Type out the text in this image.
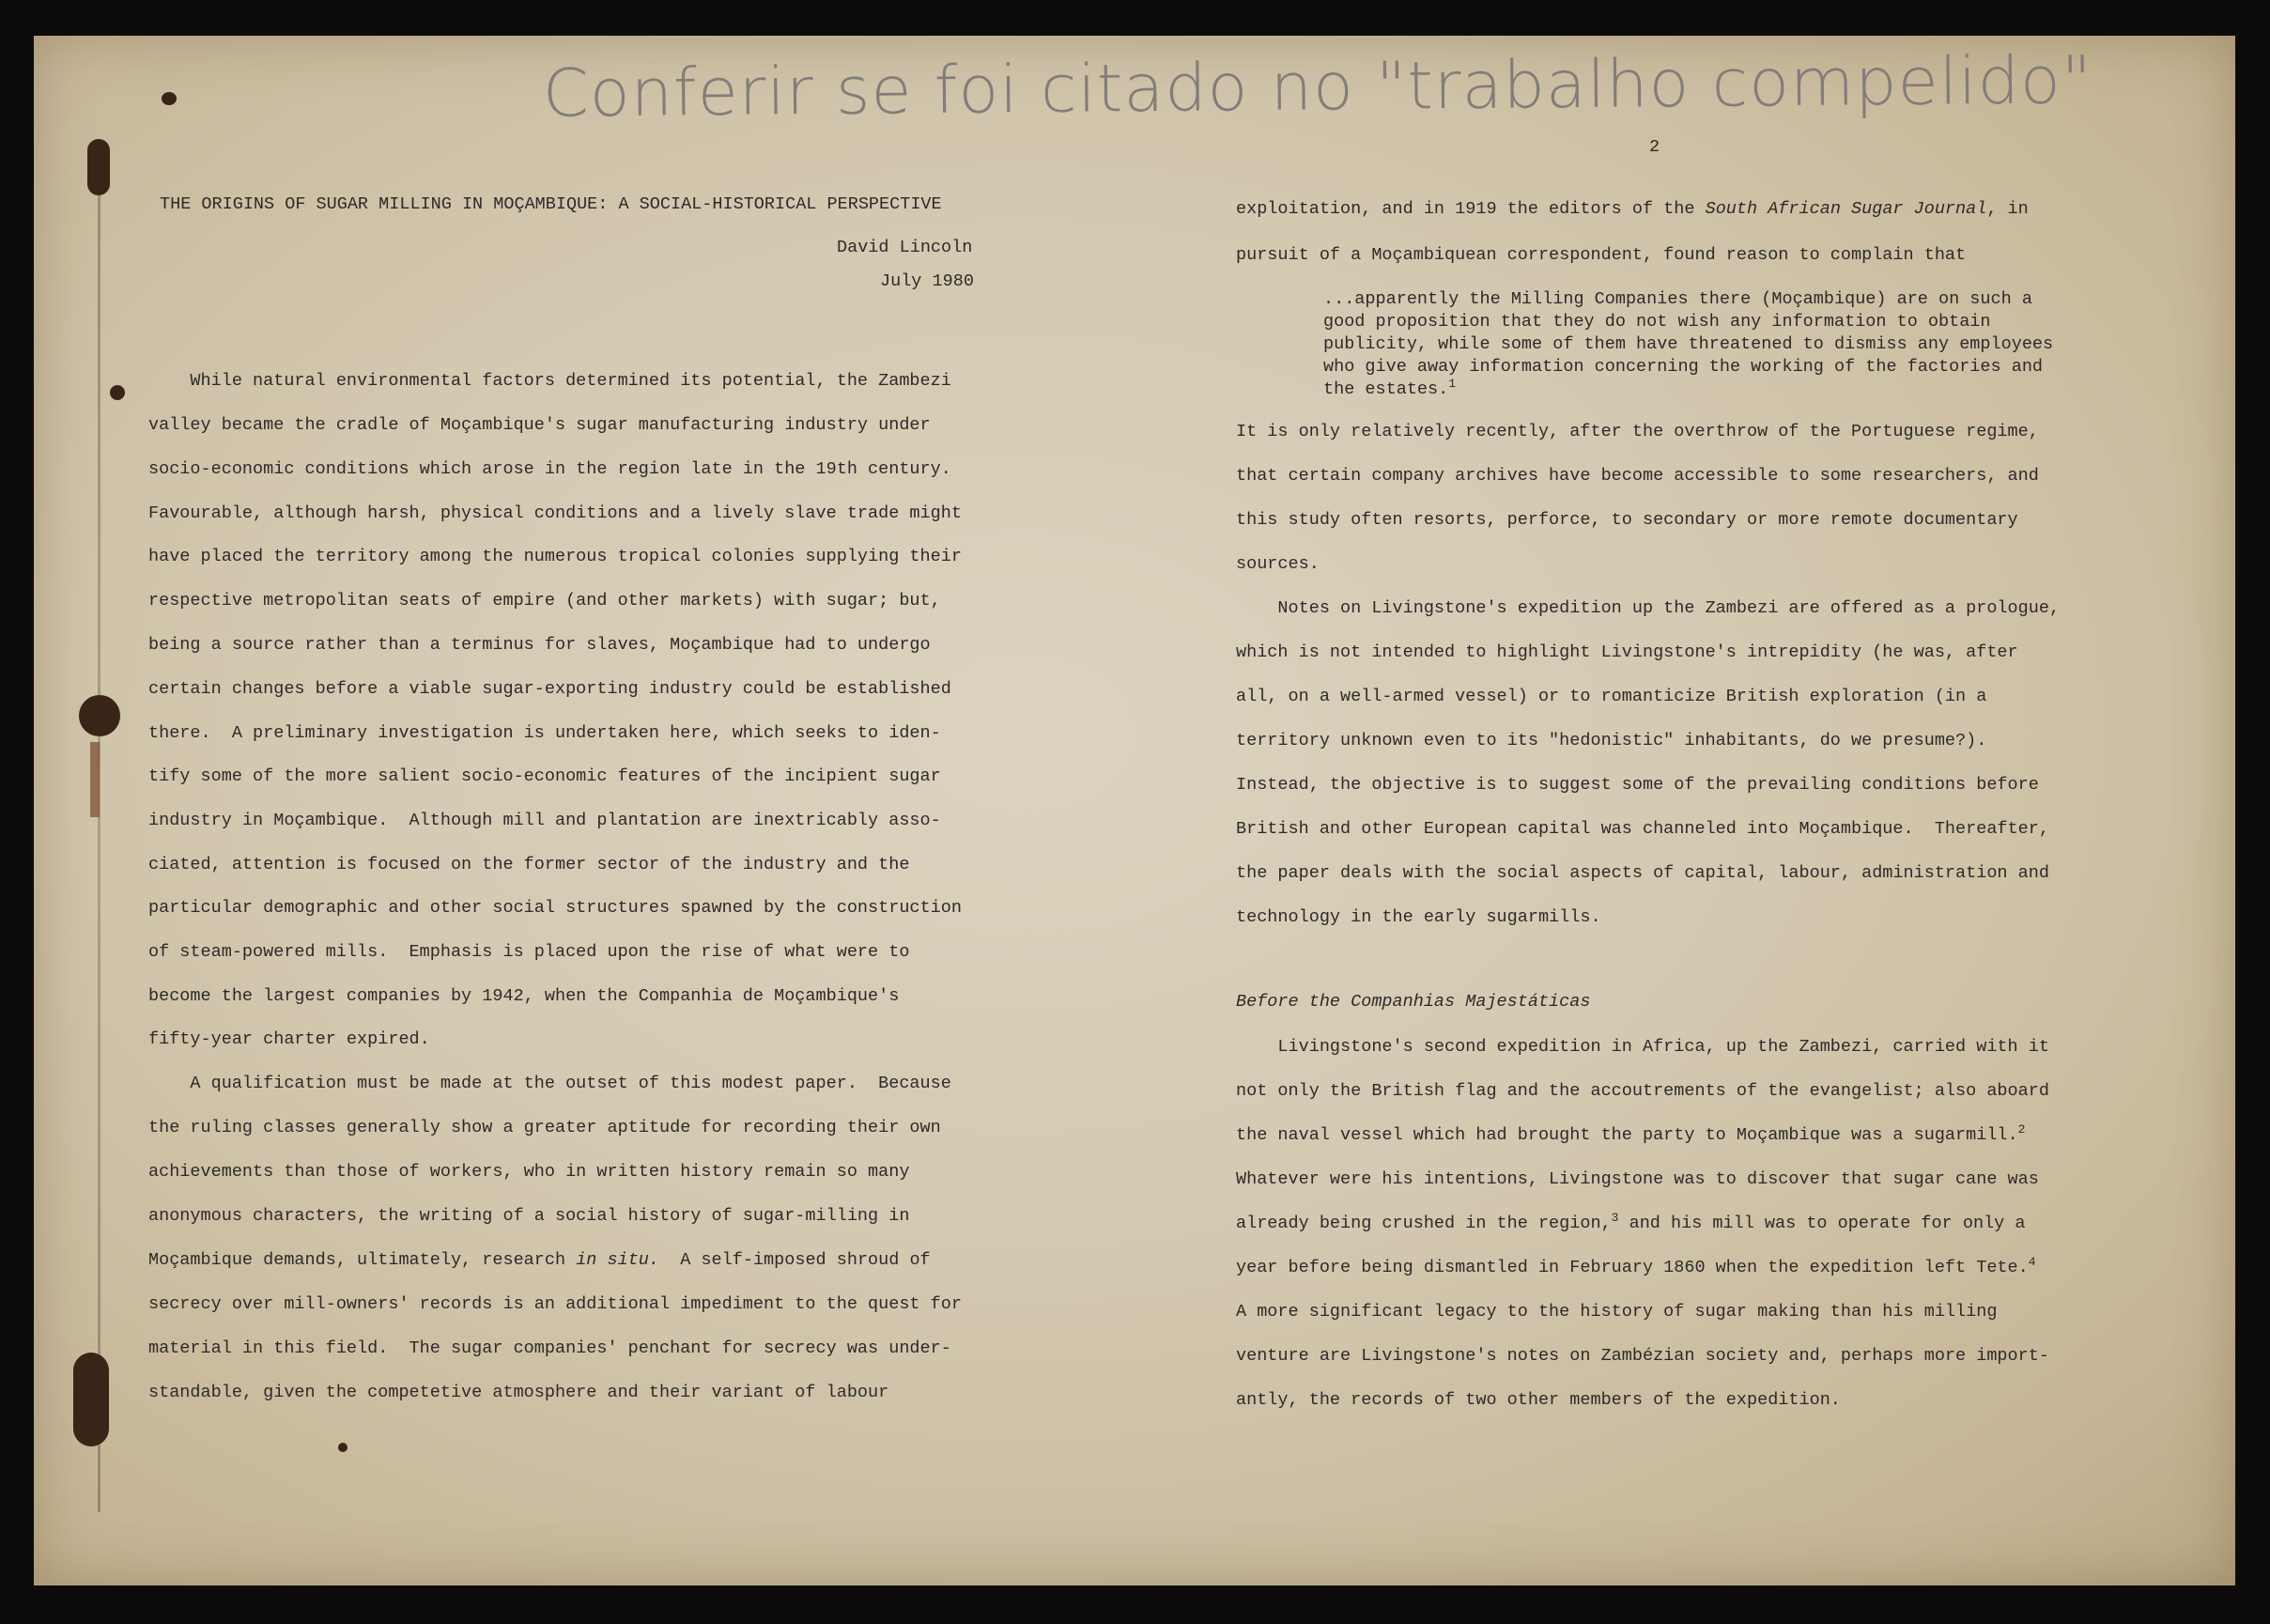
Conferir se foi citado no "trabalho compelido"
2
THE ORIGINS OF SUGAR MILLING IN MOÇAMBIQUE: A SOCIAL-HISTORICAL PERSPECTIVE
David Lincoln
July 1980
While natural environmental factors determined its potential, the Zambezi
valley became the cradle of Moçambique's sugar manufacturing industry under
socio-economic conditions which arose in the region late in the 19th century.
Favourable, although harsh, physical conditions and a lively slave trade might
have placed the territory among the numerous tropical colonies supplying their
respective metropolitan seats of empire (and other markets) with sugar; but,
being a source rather than a terminus for slaves, Moçambique had to undergo
certain changes before a viable sugar-exporting industry could be established
there.  A preliminary investigation is undertaken here, which seeks to iden-
tify some of the more salient socio-economic features of the incipient sugar
industry in Moçambique.  Although mill and plantation are inextricably asso-
ciated, attention is focused on the former sector of the industry and the
particular demographic and other social structures spawned by the construction
of steam-powered mills.  Emphasis is placed upon the rise of what were to
become the largest companies by 1942, when the Companhia de Moçambique's
fifty-year charter expired.
A qualification must be made at the outset of this modest paper.  Because
the ruling classes generally show a greater aptitude for recording their own
achievements than those of workers, who in written history remain so many
anonymous characters, the writing of a social history of sugar-milling in
Moçambique demands, ultimately, research in situ.  A self-imposed shroud of
secrecy over mill-owners' records is an additional impediment to the quest for
material in this field.  The sugar companies' penchant for secrecy was under-
standable, given the competetive atmosphere and their variant of labour
exploitation, and in 1919 the editors of the South African Sugar Journal, in
pursuit of a Moçambiquean correspondent, found reason to complain that
...apparently the Milling Companies there (Moçambique) are on such a
good proposition that they do not wish any information to obtain
publicity, while some of them have threatened to dismiss any employees
who give away information concerning the working of the factories and
the estates.$^1$
It is only relatively recently, after the overthrow of the Portuguese regime,
that certain company archives have become accessible to some researchers, and
this study often resorts, perforce, to secondary or more remote documentary
sources.
Notes on Livingstone's expedition up the Zambezi are offered as a prologue,
which is not intended to highlight Livingstone's intrepidity (he was, after
all, on a well-armed vessel) or to romanticize British exploration (in a
territory unknown even to its "hedonistic" inhabitants, do we presume?).
Instead, the objective is to suggest some of the prevailing conditions before
British and other European capital was channeled into Moçambique.  Thereafter,
the paper deals with the social aspects of capital, labour, administration and
technology in the early sugarmills.
Before the Companhias Majestáticas
Livingstone's second expedition in Africa, up the Zambezi, carried with it
not only the British flag and the accoutrements of the evangelist; also aboard
the naval vessel which had brought the party to Moçambique was a sugarmill.$^2$
Whatever were his intentions, Livingstone was to discover that sugar cane was
already being crushed in the region,$^3$ and his mill was to operate for only a
year before being dismantled in February 1860 when the expedition left Tete.$^4$
A more significant legacy to the history of sugar making than his milling
venture are Livingstone's notes on Zambézian society and, perhaps more import-
antly, the records of two other members of the expedition.
